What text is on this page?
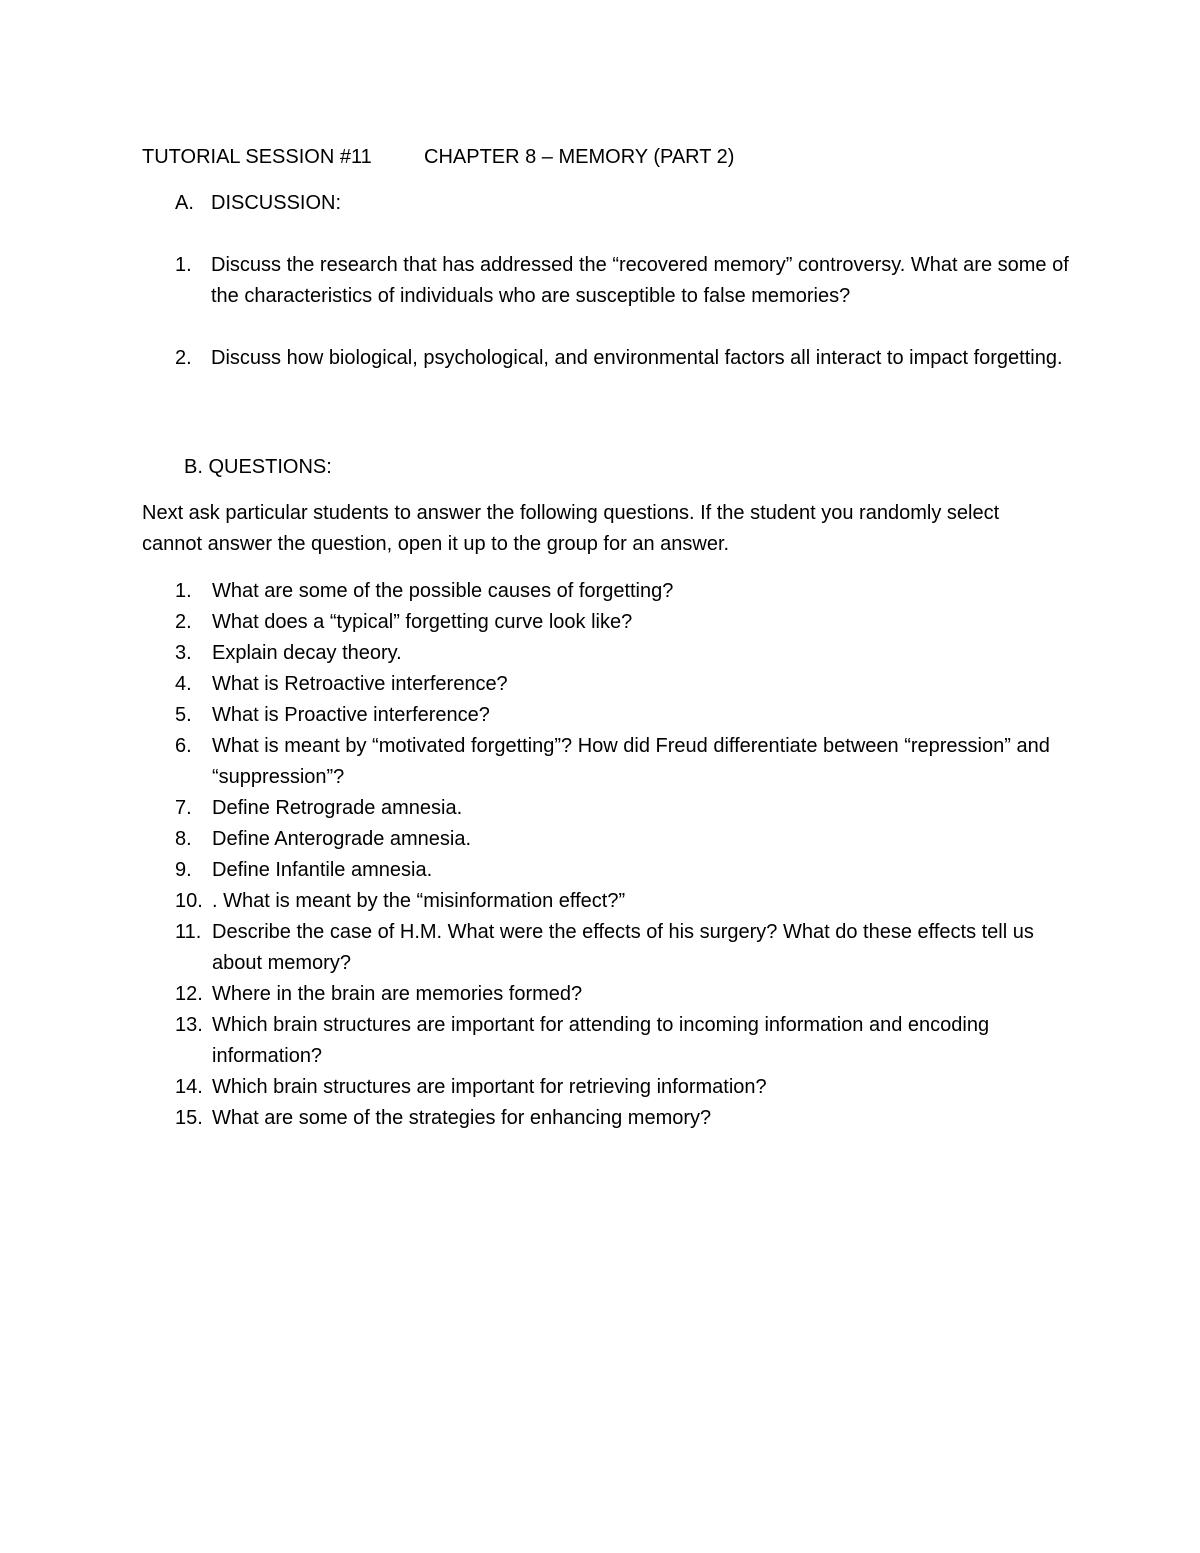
TUTORIAL SESSION #11	CHAPTER 8 – MEMORY (PART 2)
A. DISCUSSION:
1. Discuss the research that has addressed the “recovered memory” controversy. What are some of the characteristics of individuals who are susceptible to false memories?
2. Discuss how biological, psychological, and environmental factors all interact to impact forgetting.
B. QUESTIONS:
Next ask particular students to answer the following questions. If the student you randomly select cannot answer the question, open it up to the group for an answer.
1.	What are some of the possible causes of forgetting?
2.	What does a “typical” forgetting curve look like?
3.	Explain decay theory.
4.	What is Retroactive interference?
5.	What is Proactive interference?
6.	What is meant by “motivated forgetting”? How did Freud differentiate between “repression” and “suppression”?
7.	Define Retrograde amnesia.
8.	Define Anterograde amnesia.
9.	Define Infantile amnesia.
10. . What is meant by the “misinformation effect?”
11. Describe the case of H.M. What were the effects of his surgery? What do these effects tell us about memory?
12. Where in the brain are memories formed?
13. Which brain structures are important for attending to incoming information and encoding information?
14. Which brain structures are important for retrieving information?
15. What are some of the strategies for enhancing memory?
